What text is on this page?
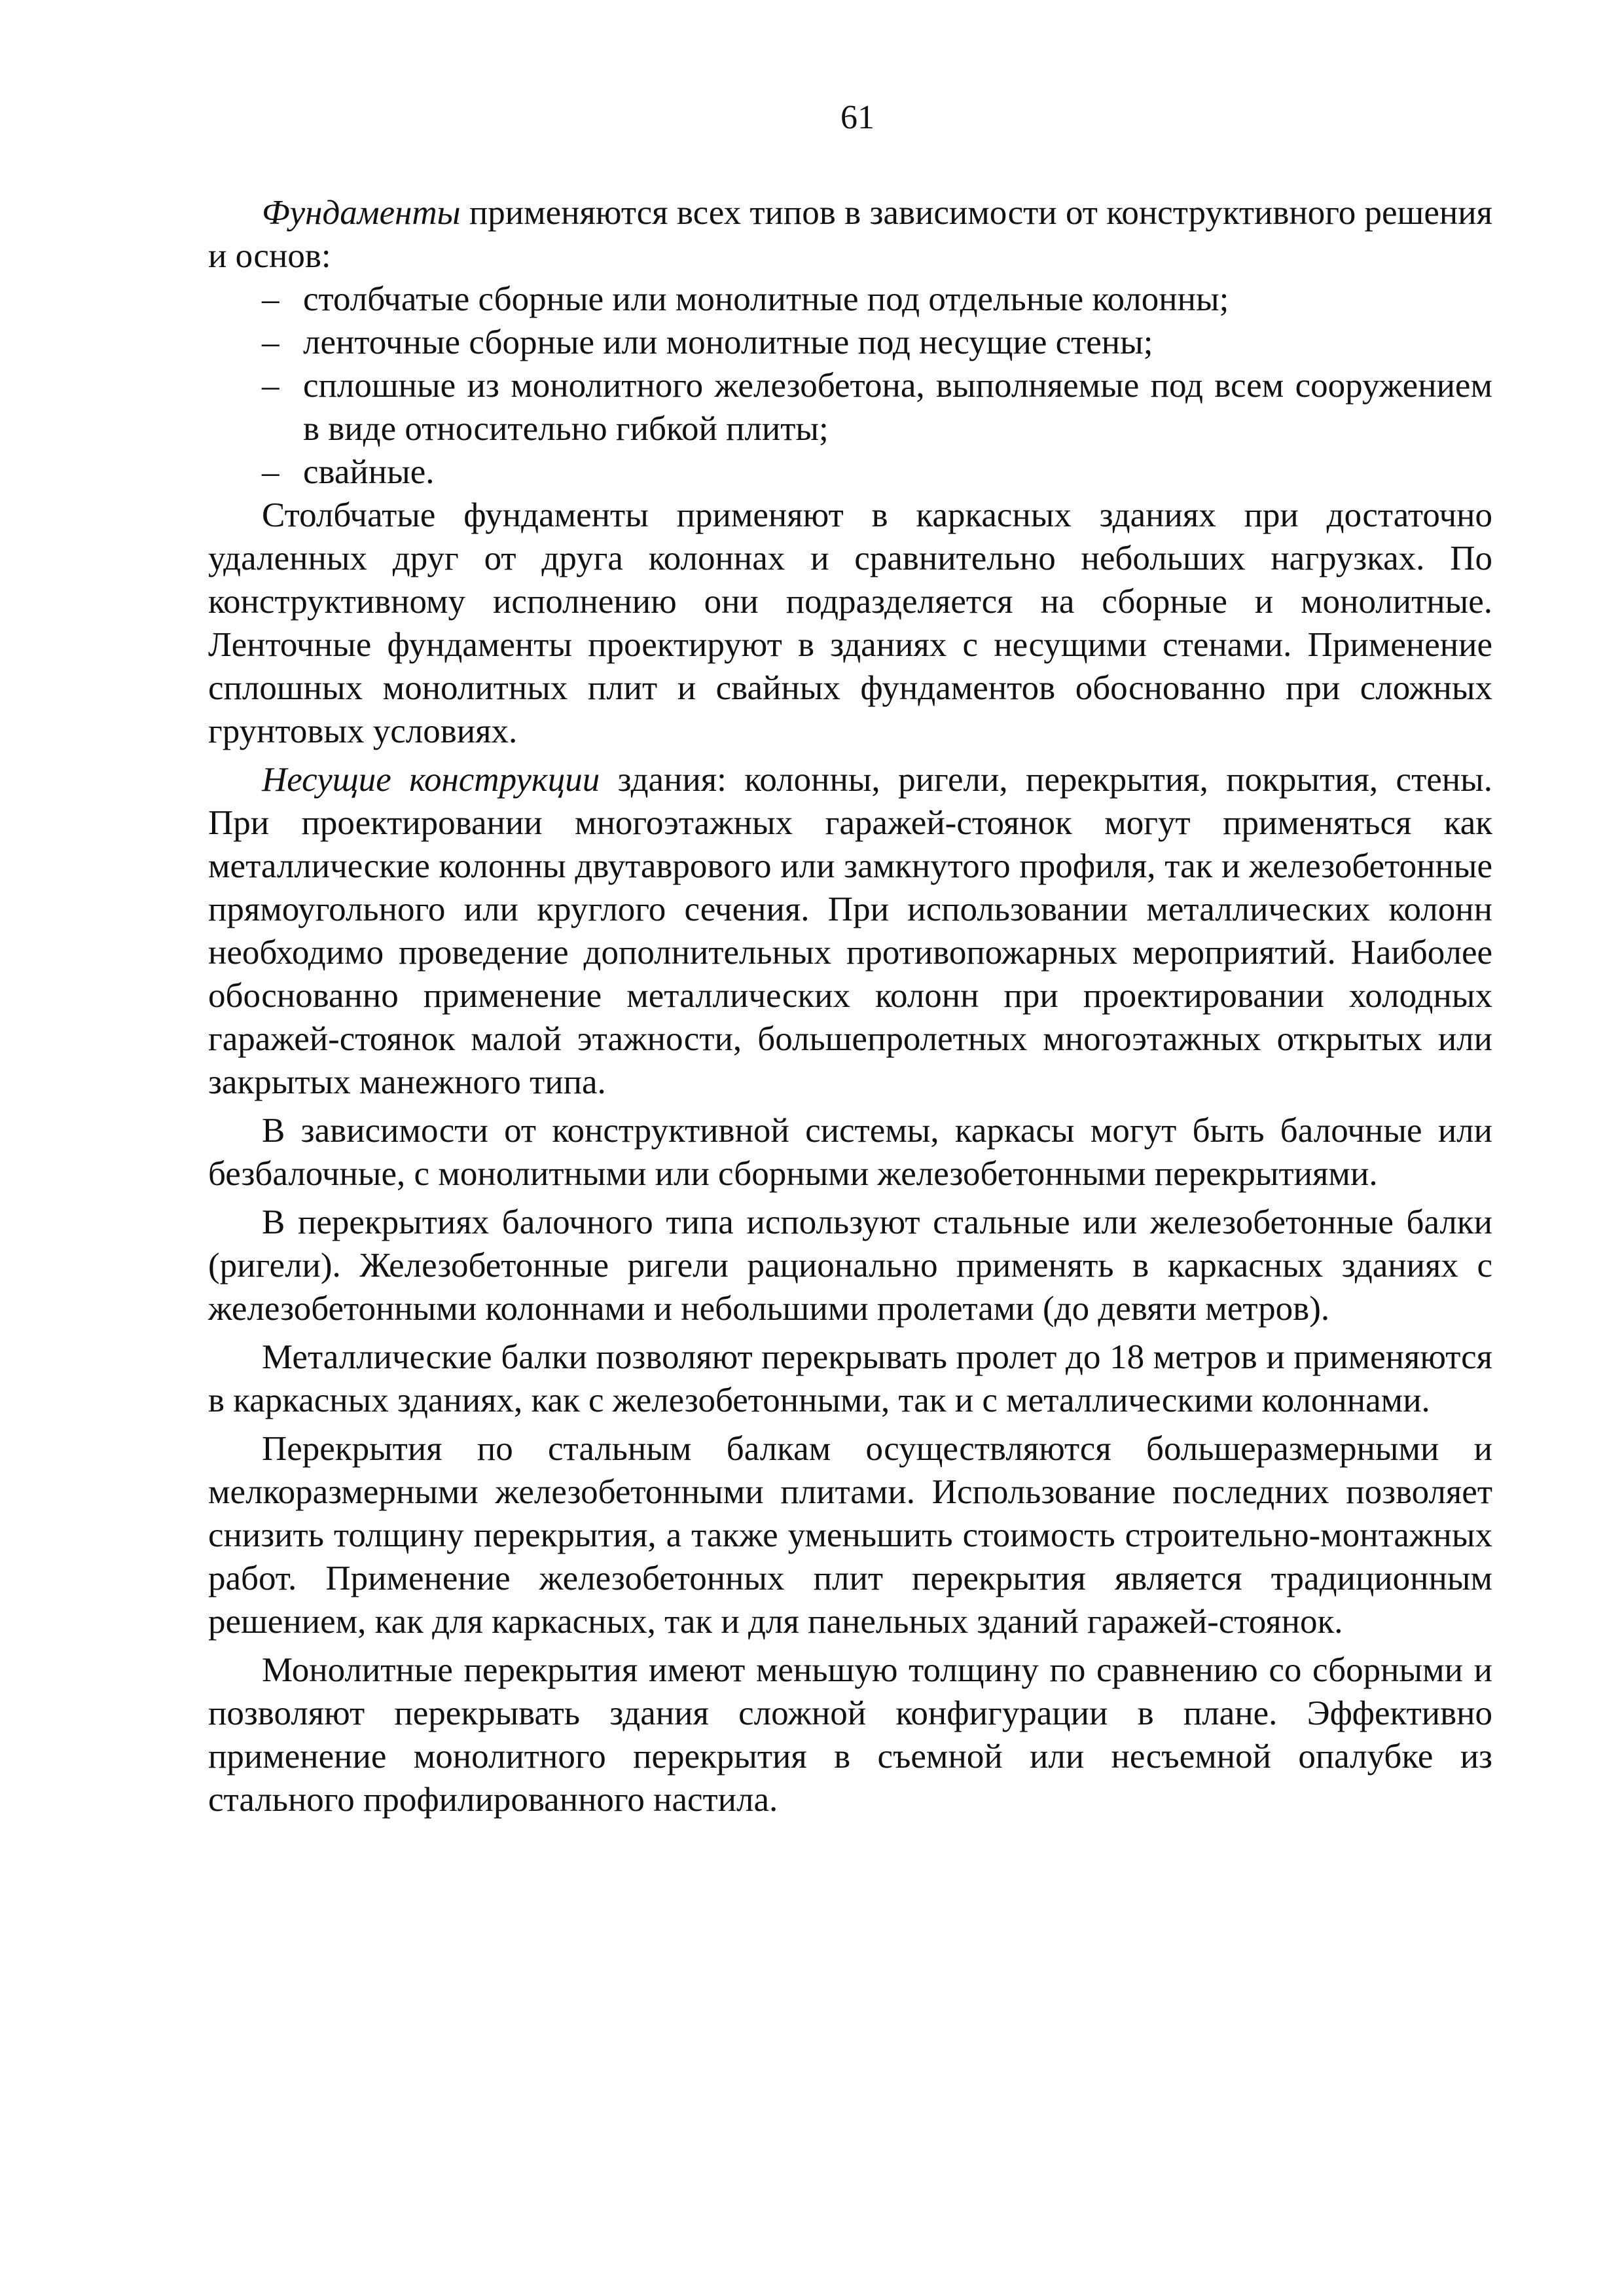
61

Фундаменты применяются всех типов в зависимости от конструктивного решения и основ:

– столбчатые сборные или монолитные под отдельные колонны;
– ленточные сборные или монолитные под несущие стены;
– сплошные из монолитного железобетона, выполняемые под всем сооружением в виде относительно гибкой плиты;
– свайные.

Столбчатые фундаменты применяют в каркасных зданиях при достаточно удаленных друг от друга колоннах и сравнительно небольших нагрузках. По конструктивному исполнению они подразделяется на сборные и монолитные. Ленточные фундаменты проектируют в зданиях с несущими стенами. Применение сплошных монолитных плит и свайных фундаментов обоснованно при сложных грунтовых условиях.

Несущие конструкции здания: колонны, ригели, перекрытия, покрытия, стены. При проектировании многоэтажных гаражей-стоянок могут применяться как металлические колонны двутаврового или замкнутого профиля, так и железобетонные прямоугольного или круглого сечения. При использовании металлических колонн необходимо проведение дополнительных противопожарных мероприятий. Наиболее обоснованно применение металлических колонн при проектировании холодных гаражей-стоянок малой этажности, большепролетных многоэтажных открытых или закрытых манежного типа.

В зависимости от конструктивной системы, каркасы могут быть балочные или безбалочные, с монолитными или сборными железобетонными перекрытиями.

В перекрытиях балочного типа используют стальные или железобетонные балки (ригели). Железобетонные ригели рационально применять в каркасных зданиях с железобетонными колоннами и небольшими пролетами (до девяти метров).

Металлические балки позволяют перекрывать пролет до 18 метров и применяются в каркасных зданиях, как с железобетонными, так и с металлическими колоннами.

Перекрытия по стальным балкам осуществляются большеразмерными и мелкоразмерными железобетонными плитами. Использование последних позволяет снизить толщину перекрытия, а также уменьшить стоимость строительно-монтажных работ. Применение железобетонных плит перекрытия является традиционным решением, как для каркасных, так и для панельных зданий гаражей-стоянок.

Монолитные перекрытия имеют меньшую толщину по сравнению со сборными и позволяют перекрывать здания сложной конфигурации в плане. Эффективно применение монолитного перекрытия в съемной или несъемной опалубке из стального профилированного настила.
